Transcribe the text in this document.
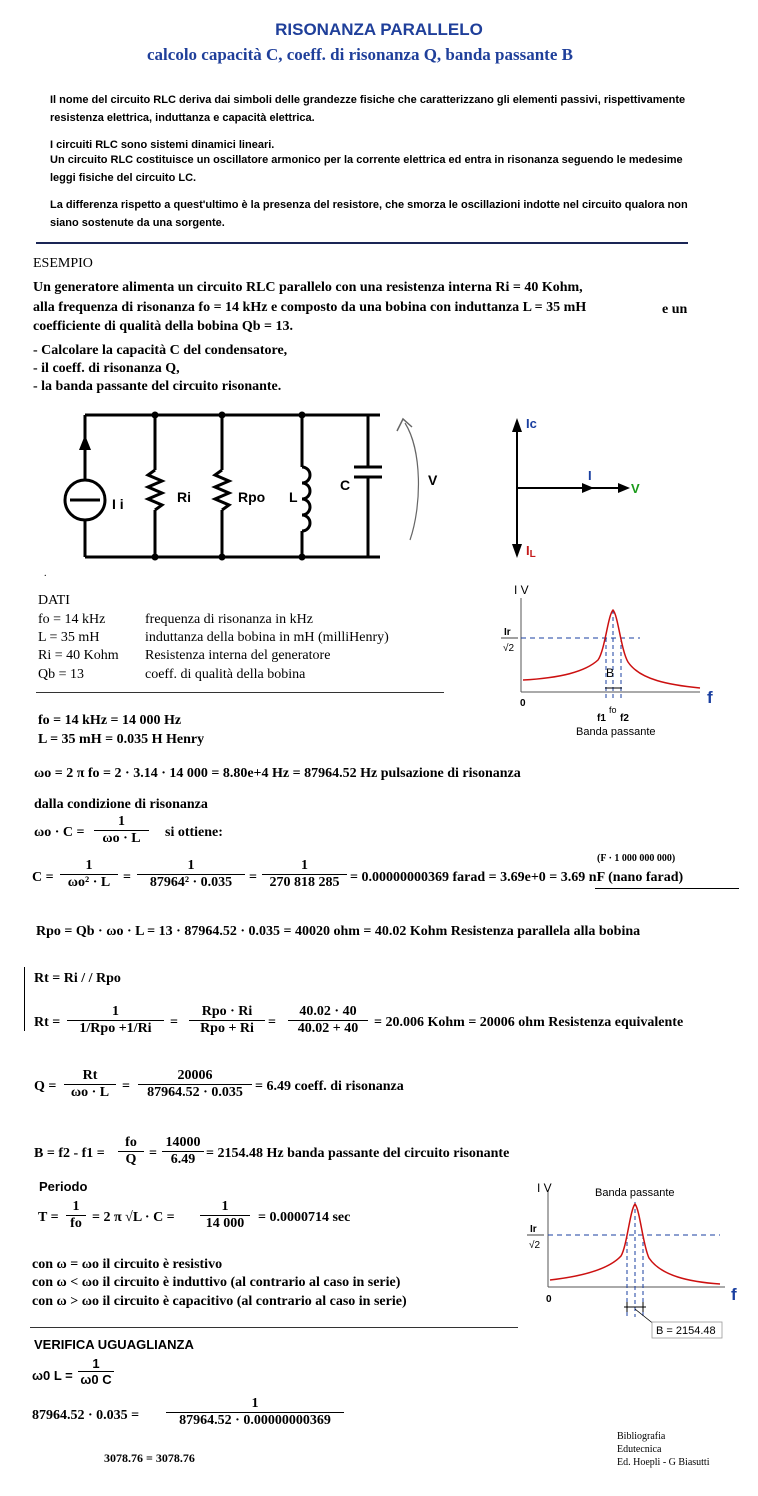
RISONANZA PARALLELO
calcolo capacità C, coeff. di risonanza Q, banda passante B
Il nome del circuito RLC deriva dai simboli delle grandezze fisiche che caratterizzano gli elementi passivi, rispettivamente resistenza elettrica, induttanza e capacità elettrica.
I circuiti RLC sono sistemi dinamici lineari.
Un circuito RLC costituisce un oscillatore armonico per la corrente elettrica ed entra in risonanza seguendo le medesime leggi fisiche del circuito LC.
La differenza rispetto a quest'ultimo è la presenza del resistore, che smorza le oscillazioni indotte nel circuito qualora non siano sostenute da una sorgente.
ESEMPIO
Un generatore alimenta un circuito RLC parallelo con una resistenza interna Ri = 40 Kohm,
alla frequenza di risonanza fo = 14 kHz e composto da una bobina con induttanza L = 35 mH	e un
coefficiente di qualità della bobina Qb = 13.
- Calcolare la capacità C del condensatore,
- il coeff. di risonanza Q,
- la banda passante del circuito risonante.
I i	Ri	Rpo L
C	V
Ic
I
V
IL
.
DATI
fo = 14 kHz	frequenza di risonanza in kHz
L = 35 mH	induttanza della bobina in mH (milliHenry)
Ri = 40 Kohm Resistenza interna del generatore
Qb = 13	coeff. di qualità della bobina
I V
Ir
√2
B
0
fo
f1 f2
f
Banda passante
fo = 14 kHz = 14 000 Hz
L = 35 mH = 0.035 H Henry
ωo = 2 π fo = 2 · 3.14 · 14 000 = 8.80e+4 Hz = 87964.52 Hz pulsazione di risonanza
dalla condizione di risonanza
$\omega o \cdot C = \frac{1}{\omega o \cdot L}$ si ottiene:
$C = \frac{1}{\text{ωo² · L}} = \frac{1}{\text{87964² · 0.035}} = \frac{1}{270 818 285} = 0.00000000369$ farad = 3.69e+0 = 3.69 nF (nano farad)
(F · 1 000 000 000)
Rpo = Qb · ωo · L = 13 · 87964.52 · 0.035 = 40020 ohm = 40.02 Kohm Resistenza parallela alla bobina
Rt = Ri / / Rpo
Rt =
1
1/Rpo +1/Ri	=
Rpo · Ri
Rpo + Ri	= $\frac{40.02 \cdot 40}{40.02 + 40} = 20.006$ Kohm = 20006 ohm Resistenza equivalente
$Q = \frac{Rt}{\omega o \cdot L} = \frac{20006}{87964.52 \cdot 0.035} = 6.49$ coeff. di risonanza
$B = f2 - f1 = \frac{fo}{Q} = \frac{14000}{6.49} = 2154.48$ Hz banda passante del circuito risonante
Periodo
$T = \frac{1}{fo} = 2$ π $√L \cdot C = \frac{1}{14 000} = 0.0000714$ sec
con ω = ωo il circuito è resistivo
con ω < ωo il circuito è induttivo (al contrario al caso in serie)
con ω > ωo il circuito è capacitivo (al contrario al caso in serie)
I V	Banda passante
Ir
√2
0	f
B = 2154.48
VERIFICA UGUAGLIANZA
ω0 $L = \frac{1}{\omega 0 C}$
$87964.52 \cdot 0.035 = \frac{1}{87964.52 \cdot 0.00000000369}$
3078.76 = 3078.76
Bibliografia
Edutecnica
Ed. Hoepli - G Biasutti
